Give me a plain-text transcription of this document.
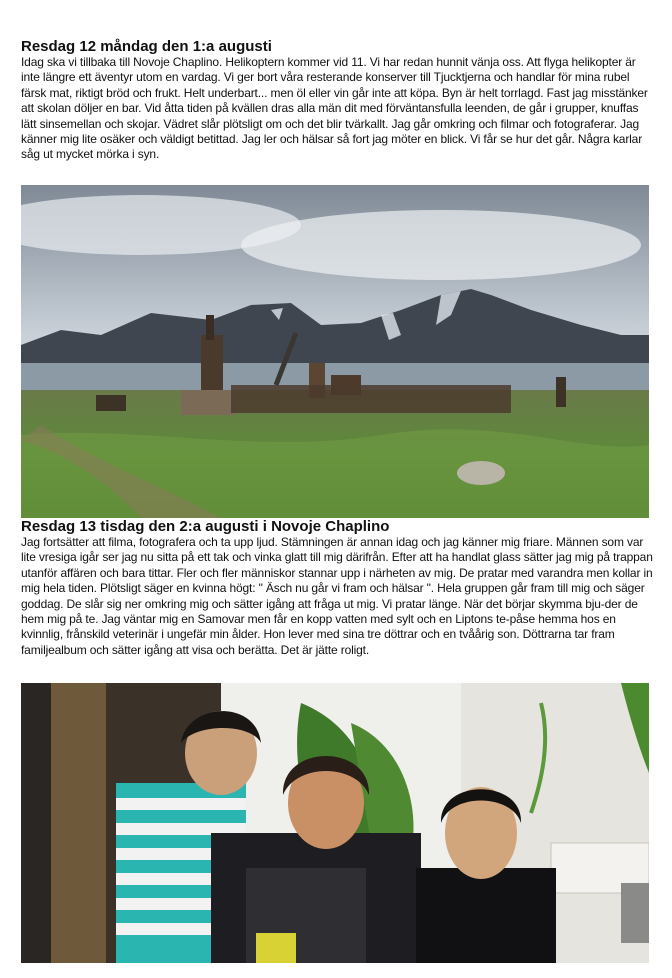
Resdag 12 måndag den 1:a augusti

Idag ska vi tillbaka till Novoje Chaplino. Helikoptern kommer vid 11. Vi har redan hunnit vänja oss. Att flyga helikopter är inte längre ett äventyr utom en vardag. Vi ger bort våra resterande konserver till Tjucktjerna och handlar för mina rubel färsk mat, riktigt bröd och frukt. Helt underbart... men öl eller vin går inte att köpa. Byn är helt torrlagd. Fast jag misstänker att skolan döljer en bar. Vid åtta tiden på kvällen dras alla män dit med förväntansfulla leenden, de går i grupper, knuffas lätt sinsemellan och skojar. Vädret slår plötsligt om och det blir tvärkallt. Jag går omkring och filmar och fotograferar. Jag känner mig lite osäker och väldigt betittad. Jag ler och hälsar så fort jag möter en blick. Vi får se hur det går. Några karlar såg ut mycket mörka i syn.

Resdag 13 tisdag den 2:a augusti i Novoje Chaplino

Jag fortsätter att filma, fotografera och ta upp ljud. Stämningen är annan idag och jag känner mig friare. Männen som var lite vresiga igår ser jag nu sitta på ett tak och vinka glatt till mig därifrån. Efter att ha handlat glass sätter jag mig på trappan utanför affären och bara tittar. Fler och fler människor stannar upp i närheten av mig. De pratar med varandra men kollar in mig hela tiden. Plötsligt säger en kvinna högt: " Äsch nu går vi fram och hälsar ". Hela gruppen går fram till mig och säger goddag. De slår sig ner omkring mig och sätter igång att fråga ut mig. Vi pratar länge. När det börjar skymma bju-der de hem mig på te. Jag väntar mig en Samovar men får en kopp vatten med sylt och en Liptons te-påse hemma hos en kvinnlig, frånskild veterinär i ungefär min ålder. Hon lever med sina tre döttrar och en tvåårig son. Döttrarna tar fram familjealbum och sätter igång att visa och berätta. Det är jätte roligt.
